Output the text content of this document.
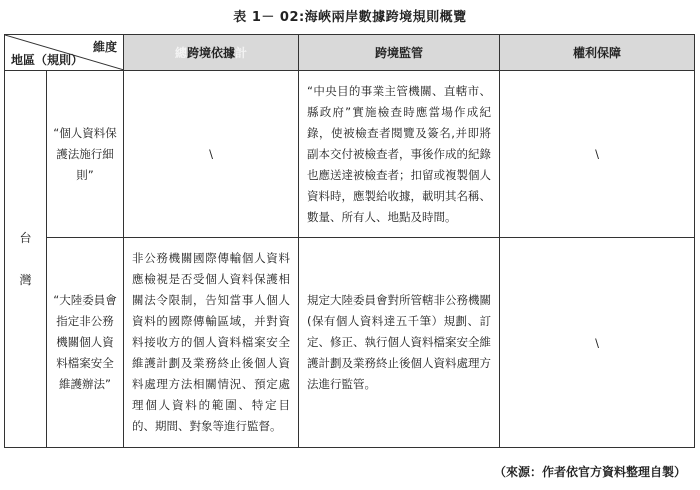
表 1－ 02:海峽兩岸數據跨境規則概覽
維度
地區（規則）		總跨境依據計	跨境監管	權利保障

台
灣	“個人資料保護法施行細則”	\	“中央目的事業主管機關、直轄市、縣政府”實施檢查時應當場作成紀錄，使被檢查者閱覽及簽名,并即將副本交付被檢查者，事後作成的紀錄也應送達被檢查者；扣留或複製個人資料時，應製給收據，載明其名稱、數量、所有人、地點及時間。	\
	“大陸委員會指定非公務機關個人資料檔案安全維護辦法”	非公務機關國際傳輸個人資料應檢視是否受個人資料保護相關法令限制，告知當事人個人資料的國際傳輸區域，并對資料接收方的個人資料檔案安全維護計劃及業務終止後個人資料處理方法相關情況、預定處理個人資料的範圍、特定目的、期間、對象等進行監督。	規定大陸委員會對所管轄非公務機關(保有個人資料達五千筆）規劃、訂定、修正、執行個人資料檔案安全維護計劃及業務終止後個人資料處理方法進行監管。	\
（來源：作者依官方資料整理自製）
